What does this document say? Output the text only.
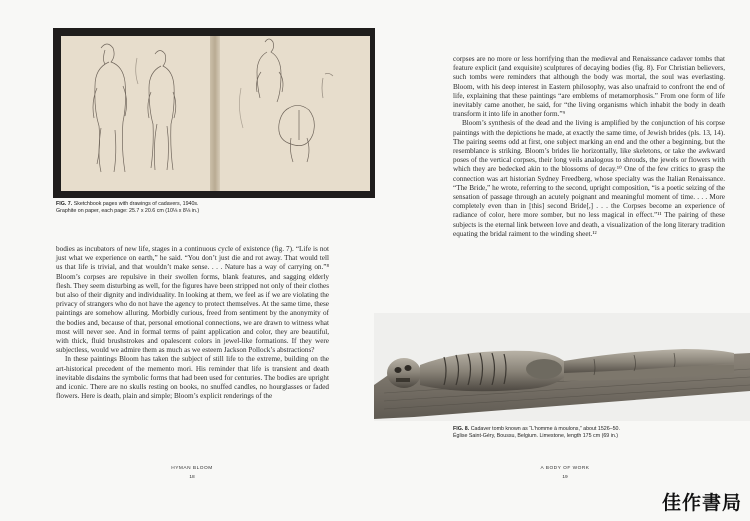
FIG. 7. Sketchbook pages with drawings of cadavers, 1940s.
Graphite on paper, each page: 25.7 x 20.6 cm (10⅛ x 8⅛ in.)

bodies as incubators of new life, stages in a continuous cycle of existence (fig. 7). “Life is not just what we experience on earth,” he said. “You don’t just die and rot away. That would tell us that life is trivial, and that wouldn’t make sense. . . . Nature has a way of carrying on.”⁸ Bloom’s corpses are repulsive in their swollen forms, blank features, and sagging elderly flesh. They seem disturbing as well, for the figures have been stripped not only of their clothes but also of their dignity and individuality. In looking at them, we feel as if we are violating the privacy of strangers who do not have the agency to protect themselves. At the same time, these paintings are somehow alluring. Morbidly curious, freed from sentiment by the anonymity of the bodies and, because of that, personal emotional connections, we are drawn to witness what most will never see. And in formal terms of paint application and color, they are beautiful, with thick, fluid brushstrokes and opalescent colors in jewel-like formations. If they were subjectless, would we admire them as much as we esteem Jackson Pollock’s abstractions?

In these paintings Bloom has taken the subject of still life to the extreme, building on the art-historical precedent of the memento mori. His reminder that life is transient and death inevitable disdains the symbolic forms that had been used for centuries. The bodies are upright and iconic. There are no skulls resting on books, no snuffed candles, no hourglasses or faded flowers. Here is death, plain and simple; Bloom’s explicit renderings of the

HYMAN BLOOM
18

corpses are no more or less horrifying than the medieval and Renaissance cadaver tombs that feature explicit (and exquisite) sculptures of decaying bodies (fig. 8). For Christian believers, such tombs were reminders that although the body was mortal, the soul was everlasting. Bloom, with his deep interest in Eastern philosophy, was also unafraid to confront the end of life, explaining that these paintings “are emblems of metamorphosis.” From one form of life inevitably came another, he said, for “the living organisms which inhabit the body in death transform it into life in another form.”⁹

Bloom’s synthesis of the dead and the living is amplified by the conjunction of his corpse paintings with the depictions he made, at exactly the same time, of Jewish brides (pls. 13, 14). The pairing seems odd at first, one subject marking an end and the other a beginning, but the resemblance is striking. Bloom’s brides lie horizontally, like skeletons, or take the awkward poses of the vertical corpses, their long veils analogous to shrouds, the jewels or flowers with which they are bedecked akin to the blossoms of decay.¹⁰ One of the few critics to grasp the connection was art historian Sydney Freedberg, whose specialty was the Italian Renaissance. “The Bride,” he wrote, referring to the second, upright composition, “is a poetic seizing of the sensation of passage through an acutely poignant and meaningful moment of time. . . . More completely even than in [this] second Bride[,] . . . the Corpses become an experience of radiance of color, here more somber, but no less magical in effect.”¹¹ The pairing of these subjects is the eternal link between love and death, a visualization of the long literary tradition equating the bridal raiment to the winding sheet.¹²

FIG. 8. Cadaver tomb known as “L’homme à moulons,” about 1526–50.
Église Saint-Géry, Boussu, Belgium. Limestone, length 175 cm (69 in.)
A BODY OF WORK
19
佳作書局
